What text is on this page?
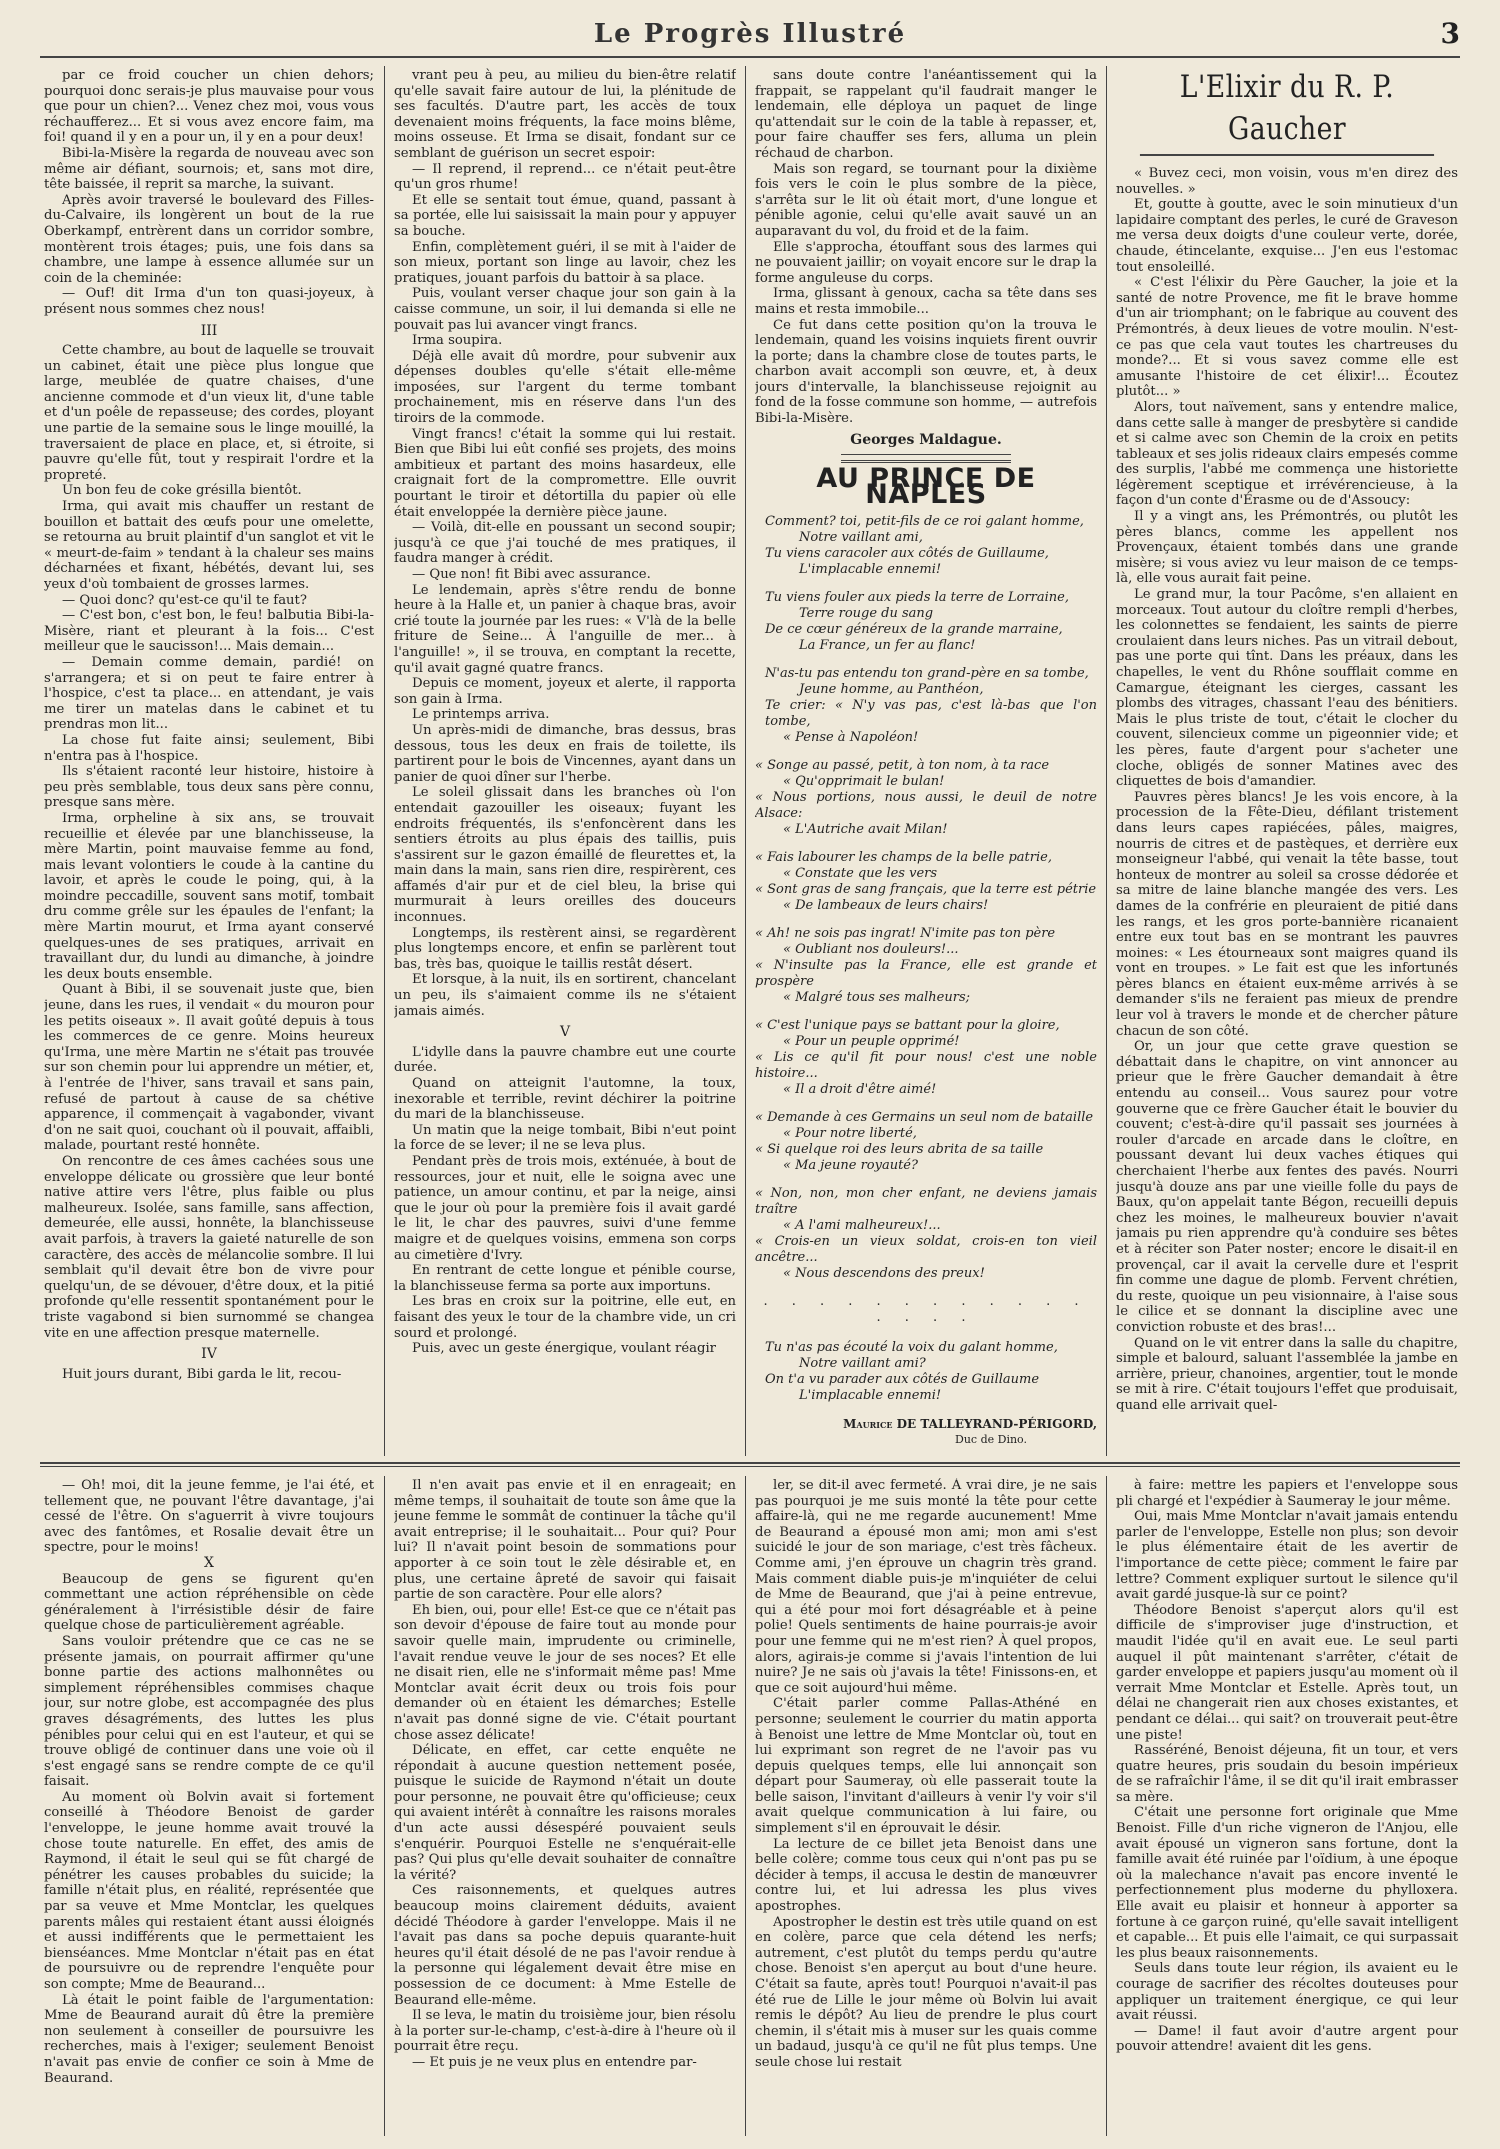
Le Progrès Illustré	3

par ce froid coucher un chien dehors; pourquoi donc serais-je plus mauvaise pour vous que pour un chien?... Venez chez moi, vous vous réchaufferez... Et si vous avez encore faim, ma foi! quand il y en a pour un, il y en a pour deux!

Bibi-la-Misère la regarda de nouveau avec son même air défiant, sournois; et, sans mot dire, tête baissée, il reprit sa marche, la suivant.

Après avoir traversé le boulevard des Filles-du-Calvaire, ils longèrent un bout de la rue Oberkampf, entrèrent dans un corridor sombre, montèrent trois étages; puis, une fois dans sa chambre, une lampe à essence allumée sur un coin de la cheminée:

— Ouf! dit Irma d'un ton quasi-joyeux, à présent nous sommes chez nous!

III

Cette chambre, au bout de laquelle se trouvait un cabinet, était une pièce plus longue que large, meublée de quatre chaises, d'une ancienne commode et d'un vieux lit, d'une table et d'un poêle de repasseuse; des cordes, ployant une partie de la semaine sous le linge mouillé, la traversaient de place en place, et, si étroite, si pauvre qu'elle fût, tout y respirait l'ordre et la propreté.

Un bon feu de coke grésilla bientôt.

Irma, qui avait mis chauffer un restant de bouillon et battait des œufs pour une omelette, se retourna au bruit plaintif d'un sanglot et vit le « meurt-de-faim » tendant à la chaleur ses mains décharnées et fixant, hébétés, devant lui, ses yeux d'où tombaient de grosses larmes.

— Quoi donc? qu'est-ce qu'il te faut?

— C'est bon, c'est bon, le feu! balbutia Bibi-la-Misère, riant et pleurant à la fois... C'est meilleur que le saucisson!... Mais demain...

— Demain comme demain, pardié! on s'arrangera; et si on peut te faire entrer à l'hospice, c'est ta place... en attendant, je vais me tirer un matelas dans le cabinet et tu prendras mon lit...

La chose fut faite ainsi; seulement, Bibi n'entra pas à l'hospice.

Ils s'étaient raconté leur histoire, histoire à peu près semblable, tous deux sans père connu, presque sans mère.

Irma, orpheline à six ans, se trouvait recueillie et élevée par une blanchisseuse, la mère Martin, point mauvaise femme au fond, mais levant volontiers le coude à la cantine du lavoir, et après le coude le poing, qui, à la moindre peccadille, souvent sans motif, tombait dru comme grêle sur les épaules de l'enfant; la mère Martin mourut, et Irma ayant conservé quelques-unes de ses pratiques, arrivait en travaillant dur, du lundi au dimanche, à joindre les deux bouts ensemble.

Quant à Bibi, il se souvenait juste que, bien jeune, dans les rues, il vendait « du mouron pour les petits oiseaux ». Il avait goûté depuis à tous les commerces de ce genre. Moins heureux qu'Irma, une mère Martin ne s'était pas trouvée sur son chemin pour lui apprendre un métier, et, à l'entrée de l'hiver, sans travail et sans pain, refusé de partout à cause de sa chétive apparence, il commençait à vagabonder, vivant d'on ne sait quoi, couchant où il pouvait, affaibli, malade, pourtant resté honnête.

On rencontre de ces âmes cachées sous une enveloppe délicate ou grossière que leur bonté native attire vers l'être, plus faible ou plus malheureux. Isolée, sans famille, sans affection, demeurée, elle aussi, honnête, la blanchisseuse avait parfois, à travers la gaieté naturelle de son caractère, des accès de mélancolie sombre. Il lui semblait qu'il devait être bon de vivre pour quelqu'un, de se dévouer, d'être doux, et la pitié profonde qu'elle ressentit spontanément pour le triste vagabond si bien surnommé se changea vite en une affection presque maternelle.

IV

Huit jours durant, Bibi garda le lit, recou-

vrant peu à peu, au milieu du bien-être relatif qu'elle savait faire autour de lui, la plénitude de ses facultés. D'autre part, les accès de toux devenaient moins fréquents, la face moins blême, moins osseuse. Et Irma se disait, fondant sur ce semblant de guérison un secret espoir:

— Il reprend, il reprend... ce n'était peut-être qu'un gros rhume!

Et elle se sentait tout émue, quand, passant à sa portée, elle lui saisissait la main pour y appuyer sa bouche.

Enfin, complètement guéri, il se mit à l'aider de son mieux, portant son linge au lavoir, chez les pratiques, jouant parfois du battoir à sa place.

Puis, voulant verser chaque jour son gain à la caisse commune, un soir, il lui demanda si elle ne pouvait pas lui avancer vingt francs.

Irma soupira.

Déjà elle avait dû mordre, pour subvenir aux dépenses doubles qu'elle s'était elle-même imposées, sur l'argent du terme tombant prochainement, mis en réserve dans l'un des tiroirs de la commode.

Vingt francs! c'était la somme qui lui restait. Bien que Bibi lui eût confié ses projets, des moins ambitieux et partant des moins hasardeux, elle craignait fort de la compromettre. Elle ouvrit pourtant le tiroir et détortilla du papier où elle était enveloppée la dernière pièce jaune.

— Voilà, dit-elle en poussant un second soupir; jusqu'à ce que j'ai touché de mes pratiques, il faudra manger à crédit.

— Que non! fit Bibi avec assurance.

Le lendemain, après s'être rendu de bonne heure à la Halle et, un panier à chaque bras, avoir crié toute la journée par les rues: « V'là de la belle friture de Seine... À l'anguille de mer... à l'anguille! », il se trouva, en comptant la recette, qu'il avait gagné quatre francs.

Depuis ce moment, joyeux et alerte, il rapporta son gain à Irma.

Le printemps arriva.

Un après-midi de dimanche, bras dessus, bras dessous, tous les deux en frais de toilette, ils partirent pour le bois de Vincennes, ayant dans un panier de quoi dîner sur l'herbe.

Le soleil glissait dans les branches où l'on entendait gazouiller les oiseaux; fuyant les endroits fréquentés, ils s'enfoncèrent dans les sentiers étroits au plus épais des taillis, puis s'assirent sur le gazon émaillé de fleurettes et, la main dans la main, sans rien dire, respirèrent, ces affamés d'air pur et de ciel bleu, la brise qui murmurait à leurs oreilles des douceurs inconnues.

Longtemps, ils restèrent ainsi, se regardèrent plus longtemps encore, et enfin se parlèrent tout bas, très bas, quoique le taillis restât désert.

Et lorsque, à la nuit, ils en sortirent, chancelant un peu, ils s'aimaient comme ils ne s'étaient jamais aimés.

V

L'idylle dans la pauvre chambre eut une courte durée.

Quand on atteignit l'automne, la toux, inexorable et terrible, revint déchirer la poitrine du mari de la blanchisseuse.

Un matin que la neige tombait, Bibi n'eut point la force de se lever; il ne se leva plus.

Pendant près de trois mois, exténuée, à bout de ressources, jour et nuit, elle le soigna avec une patience, un amour continu, et par la neige, ainsi que le jour où pour la première fois il avait gardé le lit, le char des pauvres, suivi d'une femme maigre et de quelques voisins, emmena son corps au cimetière d'Ivry.

En rentrant de cette longue et pénible course, la blanchisseuse ferma sa porte aux importuns.

Les bras en croix sur la poitrine, elle eut, en faisant des yeux le tour de la chambre vide, un cri sourd et prolongé.

Puis, avec un geste énergique, voulant réagir

sans doute contre l'anéantissement qui la frappait, se rappelant qu'il faudrait manger le lendemain, elle déploya un paquet de linge qu'attendait sur le coin de la table à repasser, et, pour faire chauffer ses fers, alluma un plein réchaud de charbon.

Mais son regard, se tournant pour la dixième fois vers le coin le plus sombre de la pièce, s'arrêta sur le lit où était mort, d'une longue et pénible agonie, celui qu'elle avait sauvé un an auparavant du vol, du froid et de la faim.

Elle s'approcha, étouffant sous des larmes qui ne pouvaient jaillir; on voyait encore sur le drap la forme anguleuse du corps.

Irma, glissant à genoux, cacha sa tête dans ses mains et resta immobile...

Ce fut dans cette position qu'on la trouva le lendemain, quand les voisins inquiets firent ouvrir la porte; dans la chambre close de toutes parts, le charbon avait accompli son œuvre, et, à deux jours d'intervalle, la blanchisseuse rejoignit au fond de la fosse commune son homme, — autrefois Bibi-la-Misère.

Georges Maldague.
AU PRINCE DE NAPLES
Comment? toi, petit-fils de ce roi galant homme,
Notre vaillant ami,
Tu viens caracoler aux côtés de Guillaume,
L'implacable ennemi!
Tu viens fouler aux pieds la terre de Lorraine,
Terre rouge du sang
De ce cœur généreux de la grande marraine,
La France, un fer au flanc!
N'as-tu pas entendu ton grand-père en sa tombe,
Jeune homme, au Panthéon,
Te crier: « N'y vas pas, c'est là-bas que l'on tombe,
« Pense à Napoléon!
« Songe au passé, petit, à ton nom, à ta race
« Qu'opprimait le bulan!
« Nous portions, nous aussi, le deuil de notre Alsace:
« L'Autriche avait Milan!
« Fais labourer les champs de la belle patrie,
« Constate que les vers
« Sont gras de sang français, que la terre est pétrie
« De lambeaux de leurs chairs!
« Ah! ne sois pas ingrat! N'imite pas ton père
« Oubliant nos douleurs!...
« N'insulte pas la France, elle est grande et prospère
« Malgré tous ses malheurs;
« C'est l'unique pays se battant pour la gloire,
« Pour un peuple opprimé!
« Lis ce qu'il fit pour nous! c'est une noble histoire...
« Il a droit d'être aimé!
« Demande à ces Germains un seul nom de bataille
« Pour notre liberté,
« Si quelque roi des leurs abrita de sa taille
« Ma jeune royauté?
« Non, non, mon cher enfant, ne deviens jamais traître
« A l'ami malheureux!...
« Crois-en un vieux soldat, crois-en ton vieil ancêtre...
« Nous descendons des preux!
. . . . . . . . . . . . . . . .
Tu n'as pas écouté la voix du galant homme,
Notre vaillant ami?
On t'a vu parader aux côtés de Guillaume
L'implacable ennemi!
Maurice DE TALLEYRAND-PÉRIGORD,
Duc de Dino.
L'Elixir du R. P. Gaucher

« Buvez ceci, mon voisin, vous m'en direz des nouvelles. »

Et, goutte à goutte, avec le soin minutieux d'un lapidaire comptant des perles, le curé de Graveson me versa deux doigts d'une couleur verte, dorée, chaude, étincelante, exquise... J'en eus l'estomac tout ensoleillé.

« C'est l'élixir du Père Gaucher, la joie et la santé de notre Provence, me fit le brave homme d'un air triomphant; on le fabrique au couvent des Prémontrés, à deux lieues de votre moulin. N'est-ce pas que cela vaut toutes les chartreuses du monde?... Et si vous savez comme elle est amusante l'histoire de cet élixir!... Écoutez plutôt... »

Alors, tout naïvement, sans y entendre malice, dans cette salle à manger de presbytère si candide et si calme avec son Chemin de la croix en petits tableaux et ses jolis rideaux clairs empesés comme des surplis, l'abbé me commença une historiette légèrement sceptique et irrévérencieuse, à la façon d'un conte d'Érasme ou de d'Assoucy:

Il y a vingt ans, les Prémontrés, ou plutôt les pères blancs, comme les appellent nos Provençaux, étaient tombés dans une grande misère; si vous aviez vu leur maison de ce temps-là, elle vous aurait fait peine.

Le grand mur, la tour Pacôme, s'en allaient en morceaux. Tout autour du cloître rempli d'herbes, les colonnettes se fendaient, les saints de pierre croulaient dans leurs niches. Pas un vitrail debout, pas une porte qui tînt. Dans les préaux, dans les chapelles, le vent du Rhône soufflait comme en Camargue, éteignant les cierges, cassant les plombs des vitrages, chassant l'eau des bénitiers. Mais le plus triste de tout, c'était le clocher du couvent, silencieux comme un pigeonnier vide; et les pères, faute d'argent pour s'acheter une cloche, obligés de sonner Matines avec des cliquettes de bois d'amandier.

Pauvres pères blancs! Je les vois encore, à la procession de la Fête-Dieu, défilant tristement dans leurs capes rapiécées, pâles, maigres, nourris de citres et de pastèques, et derrière eux monseigneur l'abbé, qui venait la tête basse, tout honteux de montrer au soleil sa crosse dédorée et sa mitre de laine blanche mangée des vers. Les dames de la confrérie en pleuraient de pitié dans les rangs, et les gros porte-bannière ricanaient entre eux tout bas en se montrant les pauvres moines: « Les étourneaux sont maigres quand ils vont en troupes. » Le fait est que les infortunés pères blancs en étaient eux-même arrivés à se demander s'ils ne feraient pas mieux de prendre leur vol à travers le monde et de chercher pâture chacun de son côté.

Or, un jour que cette grave question se débattait dans le chapitre, on vint annoncer au prieur que le frère Gaucher demandait à être entendu au conseil... Vous saurez pour votre gouverne que ce frère Gaucher était le bouvier du couvent; c'est-à-dire qu'il passait ses journées à rouler d'arcade en arcade dans le cloître, en poussant devant lui deux vaches étiques qui cherchaient l'herbe aux fentes des pavés. Nourri jusqu'à douze ans par une vieille folle du pays de Baux, qu'on appelait tante Bégon, recueilli depuis chez les moines, le malheureux bouvier n'avait jamais pu rien apprendre qu'à conduire ses bêtes et à réciter son Pater noster; encore le disait-il en provençal, car il avait la cervelle dure et l'esprit fin comme une dague de plomb. Fervent chrétien, du reste, quoique un peu visionnaire, à l'aise sous le cilice et se donnant la discipline avec une conviction robuste et des bras!...

Quand on le vit entrer dans la salle du chapitre, simple et balourd, saluant l'assemblée la jambe en arrière, prieur, chanoines, argentier, tout le monde se mit à rire. C'était toujours l'effet que produisait, quand elle arrivait quel-

— Oh! moi, dit la jeune femme, je l'ai été, et tellement que, ne pouvant l'être davantage, j'ai cessé de l'être. On s'aguerrit à vivre toujours avec des fantômes, et Rosalie devait être un spectre, pour le moins!

X

Beaucoup de gens se figurent qu'en commettant une action répréhensible on cède généralement à l'irrésistible désir de faire quelque chose de particulièrement agréable.

Sans vouloir prétendre que ce cas ne se présente jamais, on pourrait affirmer qu'une bonne partie des actions malhonnêtes ou simplement répréhensibles commises chaque jour, sur notre globe, est accompagnée des plus graves désagréments, des luttes les plus pénibles pour celui qui en est l'auteur, et qui se trouve obligé de continuer dans une voie où il s'est engagé sans se rendre compte de ce qu'il faisait.

Au moment où Bolvin avait si fortement conseillé à Théodore Benoist de garder l'enveloppe, le jeune homme avait trouvé la chose toute naturelle. En effet, des amis de Raymond, il était le seul qui se fût chargé de pénétrer les causes probables du suicide; la famille n'était plus, en réalité, représentée que par sa veuve et Mme Montclar, les quelques parents mâles qui restaient étant aussi éloignés et aussi indifférents que le permettaient les bienséances. Mme Montclar n'était pas en état de poursuivre ou de reprendre l'enquête pour son compte; Mme de Beaurand...

Là était le point faible de l'argumentation: Mme de Beaurand aurait dû être la première non seulement à conseiller de poursuivre les recherches, mais à l'exiger; seulement Benoist n'avait pas envie de confier ce soin à Mme de Beaurand.

Il n'en avait pas envie et il en enrageait; en même temps, il souhaitait de toute son âme que la jeune femme le sommât de continuer la tâche qu'il avait entreprise; il le souhaitait... Pour qui? Pour lui? Il n'avait point besoin de sommations pour apporter à ce soin tout le zèle désirable et, en plus, une certaine âpreté de savoir qui faisait partie de son caractère. Pour elle alors?

Eh bien, oui, pour elle! Est-ce que ce n'était pas son devoir d'épouse de faire tout au monde pour savoir quelle main, imprudente ou criminelle, l'avait rendue veuve le jour de ses noces? Et elle ne disait rien, elle ne s'informait même pas! Mme Montclar avait écrit deux ou trois fois pour demander où en étaient les démarches; Estelle n'avait pas donné signe de vie. C'était pourtant chose assez délicate!

Délicate, en effet, car cette enquête ne répondait à aucune question nettement posée, puisque le suicide de Raymond n'était un doute pour personne, ne pouvait être qu'officieuse; ceux qui avaient intérêt à connaître les raisons morales d'un acte aussi désespéré pouvaient seuls s'enquérir. Pourquoi Estelle ne s'enquérait-elle pas? Qui plus qu'elle devait souhaiter de connaître la vérité?

Ces raisonnements, et quelques autres beaucoup moins clairement déduits, avaient décidé Théodore à garder l'enveloppe. Mais il ne l'avait pas dans sa poche depuis quarante-huit heures qu'il était désolé de ne pas l'avoir rendue à la personne qui légalement devait être mise en possession de ce document: à Mme Estelle de Beaurand elle-même.

Il se leva, le matin du troisième jour, bien résolu à la porter sur-le-champ, c'est-à-dire à l'heure où il pourrait être reçu.

— Et puis je ne veux plus en entendre par-

ler, se dit-il avec fermeté. À vrai dire, je ne sais pas pourquoi je me suis monté la tête pour cette affaire-là, qui ne me regarde aucunement! Mme de Beaurand a épousé mon ami; mon ami s'est suicidé le jour de son mariage, c'est très fâcheux. Comme ami, j'en éprouve un chagrin très grand. Mais comment diable puis-je m'inquiéter de celui de Mme de Beaurand, que j'ai à peine entrevue, qui a été pour moi fort désagréable et à peine polie! Quels sentiments de haine pourrais-je avoir pour une femme qui ne m'est rien? À quel propos, alors, agirais-je comme si j'avais l'intention de lui nuire? Je ne sais où j'avais la tête! Finissons-en, et que ce soit aujourd'hui même.

C'était parler comme Pallas-Athéné en personne; seulement le courrier du matin apporta à Benoist une lettre de Mme Montclar où, tout en lui exprimant son regret de ne l'avoir pas vu depuis quelques temps, elle lui annonçait son départ pour Saumeray, où elle passerait toute la belle saison, l'invitant d'ailleurs à venir l'y voir s'il avait quelque communication à lui faire, ou simplement s'il en éprouvait le désir.

La lecture de ce billet jeta Benoist dans une belle colère; comme tous ceux qui n'ont pas pu se décider à temps, il accusa le destin de manœuvrer contre lui, et lui adressa les plus vives apostrophes.

Apostropher le destin est très utile quand on est en colère, parce que cela détend les nerfs; autrement, c'est plutôt du temps perdu qu'autre chose. Benoist s'en aperçut au bout d'une heure. C'était sa faute, après tout! Pourquoi n'avait-il pas été rue de Lille le jour même où Bolvin lui avait remis le dépôt? Au lieu de prendre le plus court chemin, il s'était mis à muser sur les quais comme un badaud, jusqu'à ce qu'il ne fût plus temps. Une seule chose lui restait

à faire: mettre les papiers et l'enveloppe sous pli chargé et l'expédier à Saumeray le jour même.

Oui, mais Mme Montclar n'avait jamais entendu parler de l'enveloppe, Estelle non plus; son devoir le plus élémentaire était de les avertir de l'importance de cette pièce; comment le faire par lettre? Comment expliquer surtout le silence qu'il avait gardé jusque-là sur ce point?

Théodore Benoist s'aperçut alors qu'il est difficile de s'improviser juge d'instruction, et maudit l'idée qu'il en avait eue. Le seul parti auquel il pût maintenant s'arrêter, c'était de garder enveloppe et papiers jusqu'au moment où il verrait Mme Montclar et Estelle. Après tout, un délai ne changerait rien aux choses existantes, et pendant ce délai... qui sait? on trouverait peut-être une piste!

Rasséréné, Benoist déjeuna, fit un tour, et vers quatre heures, pris soudain du besoin impérieux de se rafraîchir l'âme, il se dit qu'il irait embrasser sa mère.

C'était une personne fort originale que Mme Benoist. Fille d'un riche vigneron de l'Anjou, elle avait épousé un vigneron sans fortune, dont la famille avait été ruinée par l'oïdium, à une époque où la malechance n'avait pas encore inventé le perfectionnement plus moderne du phylloxera. Elle avait eu plaisir et honneur à apporter sa fortune à ce garçon ruiné, qu'elle savait intelligent et capable... Et puis elle l'aimait, ce qui surpassait les plus beaux raisonnements.

Seuls dans toute leur région, ils avaient eu le courage de sacrifier des récoltes douteuses pour appliquer un traitement énergique, ce qui leur avait réussi.

— Dame! il faut avoir d'autre argent pour pouvoir attendre! avaient dit les gens.
